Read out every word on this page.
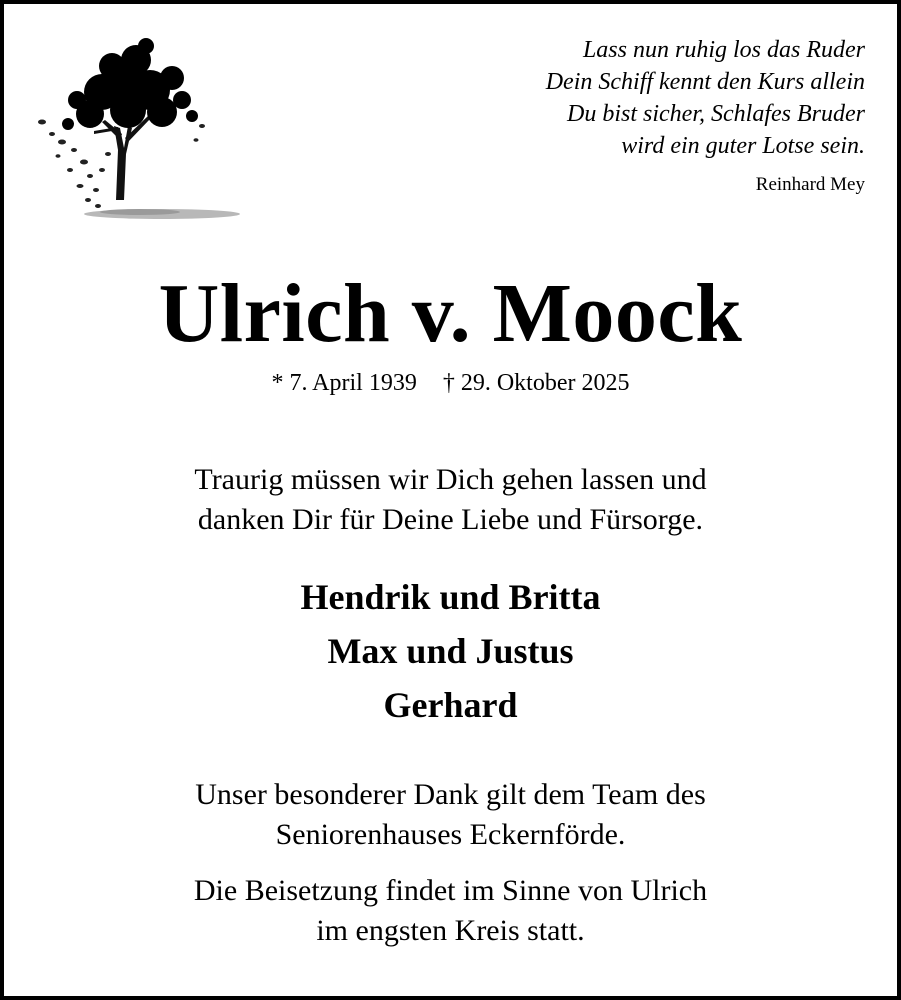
Lass nun ruhig los das Ruder
Dein Schiff kennt den Kurs allein
Du bist sicher, Schlafes Bruder
wird ein guter Lotse sein.
Reinhard Mey
Ulrich v. Moock
* 7. April 1939 † 29. Oktober 2025
Traurig müssen wir Dich gehen lassen und
danken Dir für Deine Liebe und Fürsorge.
Hendrik und Britta
Max und Justus
Gerhard
Unser besonderer Dank gilt dem Team des
Seniorenhauses Eckernförde.
Die Beisetzung findet im Sinne von Ulrich
im engsten Kreis statt.
